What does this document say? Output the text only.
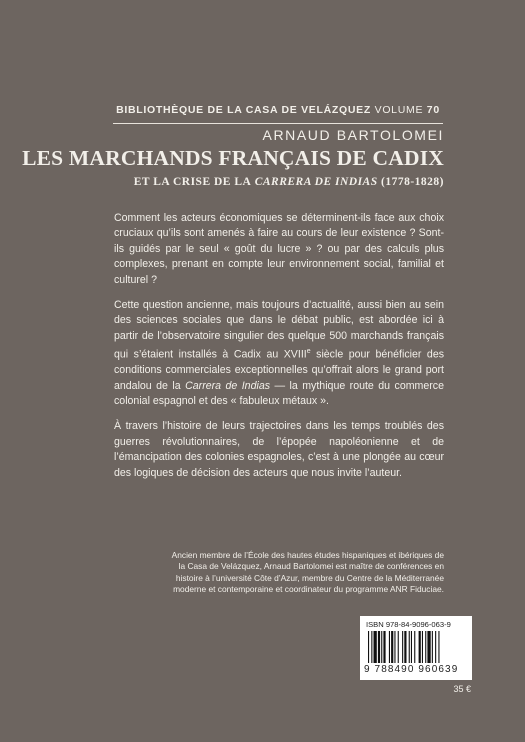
BIBLIOTHÈQUE DE LA CASA DE VELÁZQUEZ VOLUME 70
ARNAUD BARTOLOMEI
LES MARCHANDS FRANÇAIS DE CADIX
ET LA CRISE DE LA CARRERA DE INDIAS (1778-1828)

Comment les acteurs économiques se déterminent-ils face aux choix cruciaux qu’ils sont amenés à faire au cours de leur existence ? Sont-ils guidés par le seul « goût du lucre » ? ou par des calculs plus complexes, prenant en compte leur environnement social, familial et culturel ?

Cette question ancienne, mais toujours d’actualité, aussi bien au sein des sciences sociales que dans le débat public, est abordée ici à partir de l’observatoire singulier des quelque 500 marchands français qui s’étaient installés à Cadix au XVIIIe siècle pour bénéficier des conditions commerciales exceptionnelles qu’offrait alors le grand port andalou de la Carrera de Indias — la mythique route du commerce colonial espagnol et des « fabuleux métaux ».

À travers l’histoire de leurs trajectoires dans les temps troublés des guerres révolutionnaires, de l’épopée napoléonienne et de l’émancipation des colonies espagnoles, c’est à une plongée au cœur des logiques de décision des acteurs que nous invite l’auteur.

Ancien membre de l’École des hautes études hispaniques et ibériques de la Casa de Velázquez, Arnaud Bartolomei est maître de conférences en histoire à l’université Côte d’Azur, membre du Centre de la Méditerranée moderne et contemporaine et coordinateur du programme ANR Fiduciae.
ISBN 978-84-9096-063-9
9 788490 960639
35 €
